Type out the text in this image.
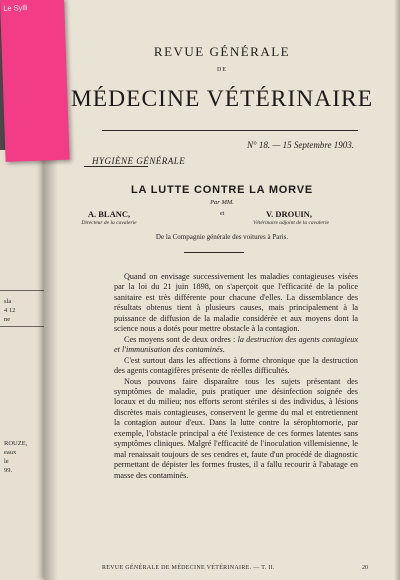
sla
4 12
ne
ROUZE,
eaux
le
99.
REVUE GÉNÉRALE
DE
MÉDECINE VÉTÉRINAIRE
N° 18. — 15 Septembre 1903.
HYGIÈNE GÉNÉRALE
LA LUTTE CONTRE LA MORVE
Par MM.
A. BLANC,
Directeur de la cavalerie
et	V. DROUIN,
Vétérinaire adjoint de la cavalerie
De la Compagnie générale des voitures à Paris.

Quand on envisage successivement les maladies contagieuses visées par la loi du 21 juin 1898, on s'aperçoit que l'efficacité de la police sanitaire est très différente pour chacune d'elles. La dissemblance des résultats obtenus tient à plusieurs causes, mais principalement à la puissance de diffusion de la maladie considérée et aux moyens dont la science nous a dotés pour mettre obstacle à la contagion.

Ces moyens sont de deux ordres : la destruction des agents contagieux et l'immunisation des contaminés.

C'est surtout dans les affections à forme chronique que la destruction des agents contagifères présente de réelles difficultés.

Nous pouvons faire disparaître tous les sujets présentant des symptômes de maladie, puis pratiquer une désinfection soignée des locaux et du milieu; nos efforts seront stériles si des individus, à lésions discrètes mais contagieuses, conservent le germe du mal et entretiennent la contagion autour d'eux. Dans la lutte contre la sérophtornorie, par exemple, l'obstacle principal a été l'existence de ces formes latentes sans symptômes cliniques. Malgré l'efficacité de l'inoculation villemisienne, le mal renaissait toujours de ses cendres et, faute d'un procédé de diagnostic permettant de dépister les formes frustes, il a fallu recourir à l'abatage en masse des contaminés.

REVUE GÉNÉRALE DE MÉDECINE VÉTÉRINAIRE. — T. II.	20
Le Sylli
